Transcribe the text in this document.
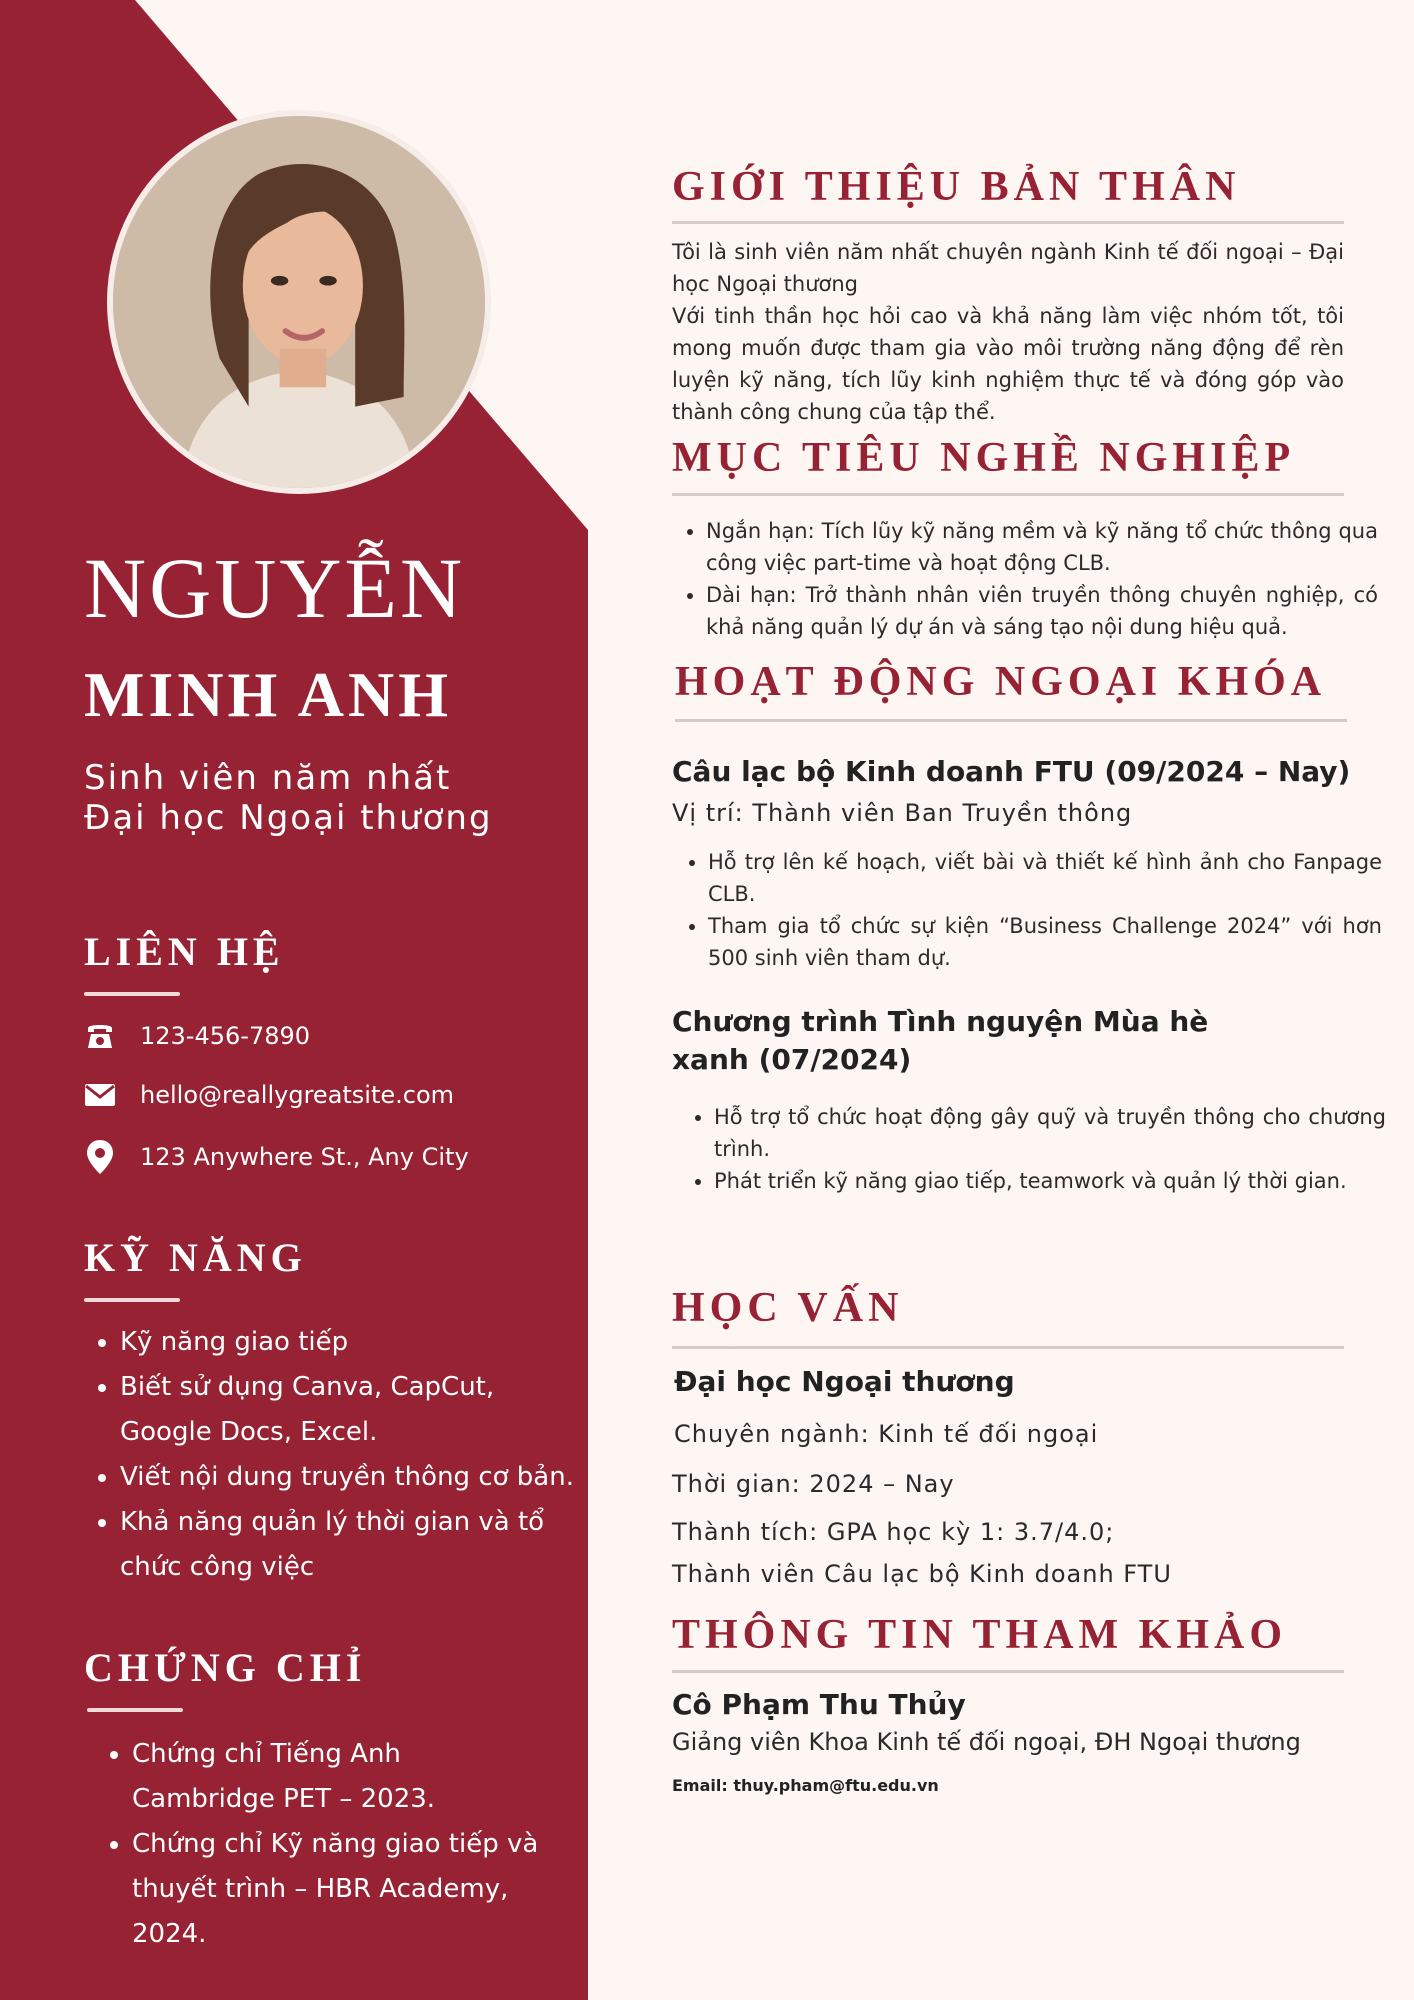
NGUYỄN
MINH ANH
Sinh viên năm nhất
Đại học Ngoại thương
LIÊN HỆ
123-456-7890
hello@reallygreatsite.com
123 Anywhere St., Any City
KỸ NĂNG
• Kỹ năng giao tiếp
• Biết sử dụng Canva, CapCut, Google Docs, Excel.
• Viết nội dung truyền thông cơ bản.
• Khả năng quản lý thời gian và tổ chức công việc
CHỨNG CHỈ
• Chứng chỉ Tiếng Anh Cambridge PET – 2023.
• Chứng chỉ Kỹ năng giao tiếp và thuyết trình – HBR Academy, 2024.
GIỚI THIỆU BẢN THÂN
Tôi là sinh viên năm nhất chuyên ngành Kinh tế đối ngoại – Đại học Ngoại thương
Với tinh thần học hỏi cao và khả năng làm việc nhóm tốt, tôi mong muốn được tham gia vào môi trường năng động để rèn luyện kỹ năng, tích lũy kinh nghiệm thực tế và đóng góp vào thành công chung của tập thể.
MỤC TIÊU NGHỀ NGHIỆP
• Ngắn hạn: Tích lũy kỹ năng mềm và kỹ năng tổ chức thông qua công việc part-time và hoạt động CLB.
• Dài hạn: Trở thành nhân viên truyền thông chuyên nghiệp, có khả năng quản lý dự án và sáng tạo nội dung hiệu quả.
HOẠT ĐỘNG NGOẠI KHÓA
Câu lạc bộ Kinh doanh FTU (09/2024 – Nay)
Vị trí: Thành viên Ban Truyền thông
• Hỗ trợ lên kế hoạch, viết bài và thiết kế hình ảnh cho Fanpage CLB.
• Tham gia tổ chức sự kiện “Business Challenge 2024” với hơn 500 sinh viên tham dự.
Chương trình Tình nguyện Mùa hè xanh (07/2024)
• Hỗ trợ tổ chức hoạt động gây quỹ và truyền thông cho chương trình.
• Phát triển kỹ năng giao tiếp, teamwork và quản lý thời gian.
HỌC VẤN
Đại học Ngoại thương
Chuyên ngành: Kinh tế đối ngoại
Thời gian: 2024 – Nay
Thành tích: GPA học kỳ 1: 3.7/4.0;
Thành viên Câu lạc bộ Kinh doanh FTU
THÔNG TIN THAM KHẢO
Cô Phạm Thu Thủy
Giảng viên Khoa Kinh tế đối ngoại, ĐH Ngoại thương
Email: thuy.pham@ftu.edu.vn
